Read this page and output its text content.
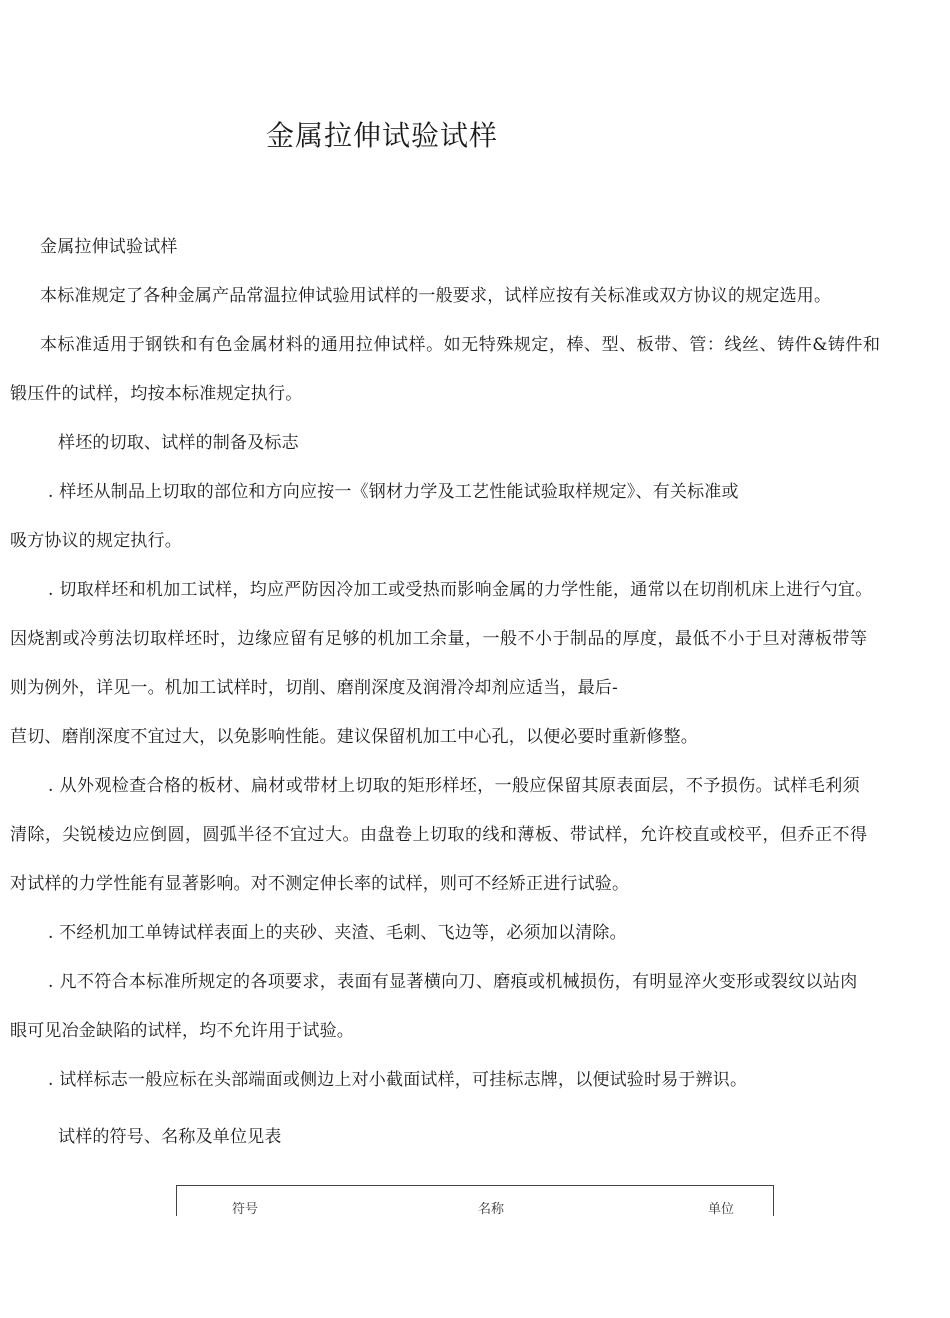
金属拉伸试验试样
金属拉伸试验试样
本标准规定了各种金属产品常温拉伸试验用试样的一般要求，试样应按有关标准或双方协议的规定选用。
本标准适用于钢铁和有色金属材料的通用拉伸试样。如无特殊规定，棒、型、板带、管：线丝、铸件&铸件和
锻压件的试样，均按本标准规定执行。
样坯的切取、试样的制备及标志
. 样坯从制品上切取的部位和方向应按一《钢材力学及工艺性能试验取样规定》、有关标准或
吸方协议的规定执行。
. 切取样坯和机加工试样，均应严防因冷加工或受热而影响金属的力学性能，通常以在切削机床上进行勺宜。
因烧割或冷剪法切取样坯时，边缘应留有足够的机加工余量，一般不小于制品的厚度，最低不小于旦对薄板带等
则为例外，详见一。机加工试样时，切削、磨削深度及润滑冷却剂应适当，最后-
苣切、磨削深度不宜过大，以免影响性能。建议保留机加工中心孔，以便必要时重新修整。
. 从外观检查合格的板材、扁材或带材上切取的矩形样坯，一般应保留其原表面层，不予损伤。试样毛利须
清除，尖锐棱边应倒圆，圆弧半径不宜过大。由盘卷上切取的线和薄板、带试样，允许校直或校平，但乔正不得
对试样的力学性能有显著影响。对不测定伸长率的试样，则可不经矫正进行试验。
. 不经机加工单铸试样表面上的夹砂、夹渣、毛刺、飞边等，必须加以清除。
. 凡不符合本标准所规定的各项要求，表面有显著横向刀、磨痕或机械损伤，有明显淬火变形或裂纹以站肉
眼可见冶金缺陷的试样，均不允许用于试验。
. 试样标志一般应标在头部端面或侧边上对小截面试样，可挂标志牌，以便试验时易于辨识。
试样的符号、名称及单位见表
符号	名称	单位
